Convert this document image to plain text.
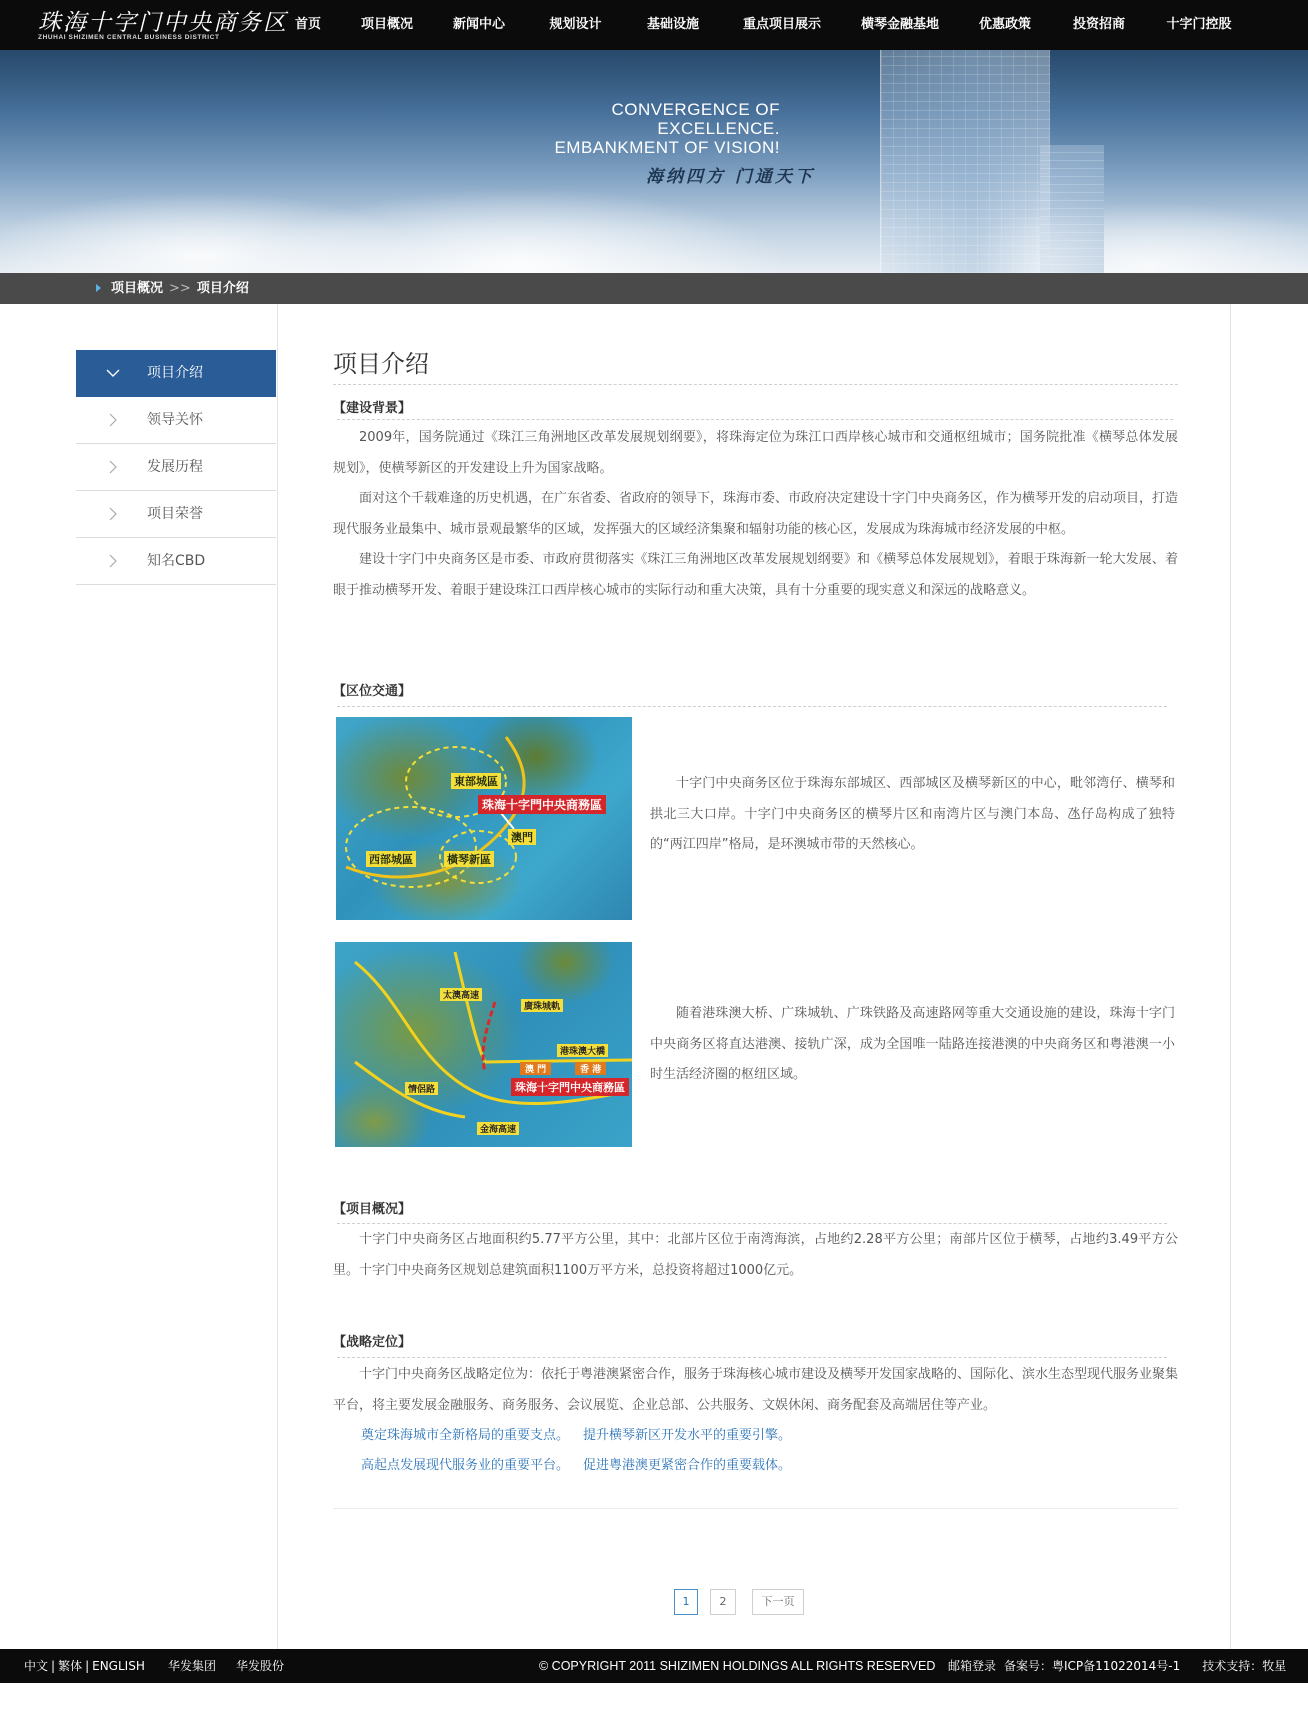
珠海十字门中央商务区
ZHUHAI SHIZIMEN CENTRAL BUSINESS DISTRICT
首页	项目概况	新闻中心	规划设计	基础设施	重点项目展示	横琴金融基地	优惠政策	投资招商	十字门控股
CONVERGENCE OF
EXCELLENCE.
EMBANKMENT OF VISION!
海纳四方 门通天下
项目概况 >> 项目介绍
项目介绍
领导关怀
发展历程
项目荣誉
知名CBD
项目介绍
【建设背景】

2009年，国务院通过《珠江三角洲地区改革发展规划纲要》，将珠海定位为珠江口西岸核心城市和交通枢纽城市；国务院批准《横琴总体发展规划》，使横琴新区的开发建设上升为国家战略。

面对这个千载难逢的历史机遇，在广东省委、省政府的领导下，珠海市委、市政府决定建设十字门中央商务区，作为横琴开发的启动项目，打造现代服务业最集中、城市景观最繁华的区域，发挥强大的区域经济集聚和辐射功能的核心区，发展成为珠海城市经济发展的中枢。

建设十字门中央商务区是市委、市政府贯彻落实《珠江三角洲地区改革发展规划纲要》和《横琴总体发展规划》，着眼于珠海新一轮大发展、着眼于推动横琴开发、着眼于建设珠江口西岸核心城市的实际行动和重大决策，具有十分重要的现实意义和深远的战略意义。

【区位交通】
東部城區
西部城區	橫琴新區
澳門
珠海十字門中央商務區

十字门中央商务区位于珠海东部城区、西部城区及横琴新区的中心，毗邻湾仔、横琴和拱北三大口岸。十字门中央商务区的横琴片区和南湾片区与澳门本岛、氹仔岛构成了独特的“两江四岸”格局，是环澳城市带的天然核心。

太澳高速
廣珠城軌
港珠澳大橋
澳 門	香 港
珠海十字門中央商務區
情侶路
金海高速

随着港珠澳大桥、广珠城轨、广珠铁路及高速路网等重大交通设施的建设，珠海十字门中央商务区将直达港澳、接轨广深，成为全国唯一陆路连接港澳的中央商务区和粤港澳一小时生活经济圈的枢纽区域。

【项目概况】

十字门中央商务区占地面积约5.77平方公里，其中：北部片区位于南湾海滨，占地约2.28平方公里；南部片区位于横琴，占地约3.49平方公里。十字门中央商务区规划总建筑面积1100万平方米，总投资将超过1000亿元。

【战略定位】

十字门中央商务区战略定位为：依托于粤港澳紧密合作，服务于珠海核心城市建设及横琴开发国家战略的、国际化、滨水生态型现代服务业聚集平台，将主要发展金融服务、商务服务、会议展览、企业总部、公共服务、文娱休闲、商务配套及高端居住等产业。

奠定珠海城市全新格局的重要支点。 提升横琴新区开发水平的重要引擎。
高起点发展现代服务业的重要平台。 促进粤港澳更紧密合作的重要载体。
1	2	下一页
中文 | 繁体 | ENGLISH 华发集团 华发股份	© COPYRIGHT 2011 SHIZIMEN HOLDINGS ALL RIGHTS RESERVED 邮箱登录 备案号：粤ICP备11022014号-1 技术支持：牧星
